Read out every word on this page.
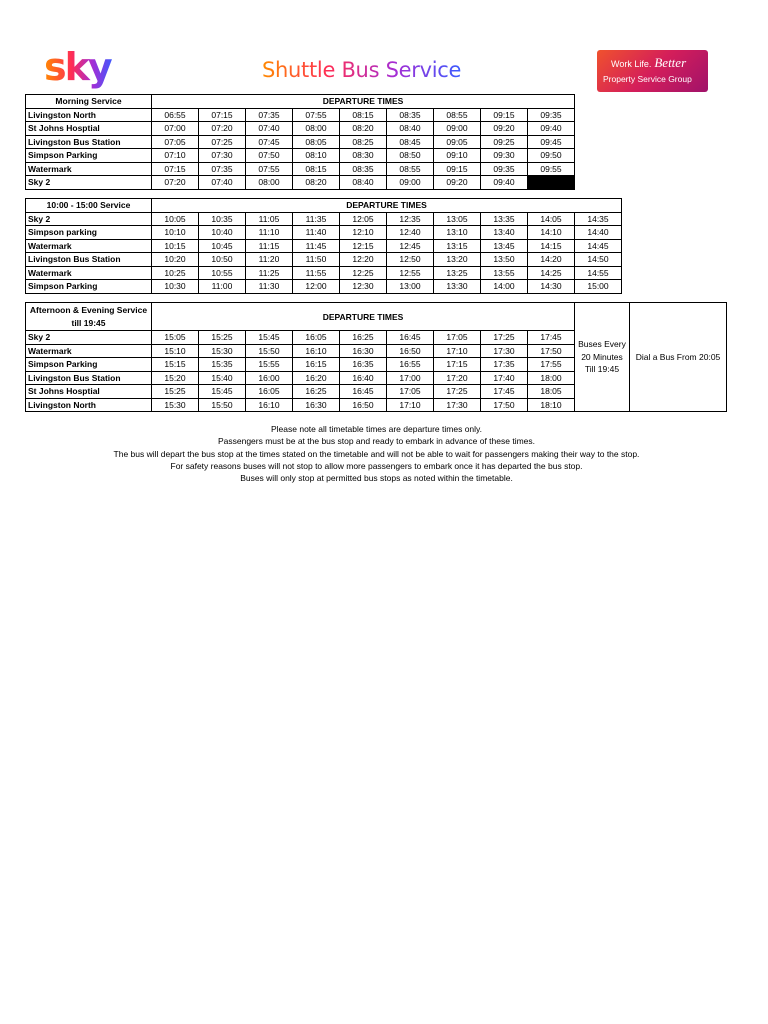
sky	Shuttle Bus Service	Work Life. Better
Property Service Group
Morning Service	DEPARTURE TIMES								
Livingston North	06:55	07:15	07:35	07:55	08:15	08:35	08:55	09:15	09:35
St Johns Hosptial	07:00	07:20	07:40	08:00	08:20	08:40	09:00	09:20	09:40
Livingston Bus Station	07:05	07:25	07:45	08:05	08:25	08:45	09:05	09:25	09:45
Simpson Parking	07:10	07:30	07:50	08:10	08:30	08:50	09:10	09:30	09:50
Watermark	07:15	07:35	07:55	08:15	08:35	08:55	09:15	09:35	09:55
Sky 2	07:20	07:40	08:00	08:20	08:40	09:00	09:20	09:40	
10:00 - 15:00 Service	DEPARTURE TIMES									
Sky 2	10:05	10:35	11:05	11:35	12:05	12:35	13:05	13:35	14:05	14:35
Simpson parking	10:10	10:40	11:10	11:40	12:10	12:40	13:10	13:40	14:10	14:40
Watermark	10:15	10:45	11:15	11:45	12:15	12:45	13:15	13:45	14:15	14:45
Livingston Bus Station	10:20	10:50	11:20	11:50	12:20	12:50	13:20	13:50	14:20	14:50
Watermark	10:25	10:55	11:25	11:55	12:25	12:55	13:25	13:55	14:25	14:55
Simpson Parking	10:30	11:00	11:30	12:00	12:30	13:00	13:30	14:00	14:30	15:00
Afternoon & Evening Service till 19:45	DEPARTURE TIMES									Buses Every 20 Minutes Till 19:45	Dial a Bus From 20:05
Sky 2	15:05	15:25	15:45	16:05	16:25	16:45	17:05	17:25	17:45		
Watermark	15:10	15:30	15:50	16:10	16:30	16:50	17:10	17:30	17:50		
Simpson Parking	15:15	15:35	15:55	16:15	16:35	16:55	17:15	17:35	17:55		
Livingston Bus Station	15:20	15:40	16:00	16:20	16:40	17:00	17:20	17:40	18:00		
St Johns Hosptial	15:25	15:45	16:05	16:25	16:45	17:05	17:25	17:45	18:05		
Livingston North	15:30	15:50	16:10	16:30	16:50	17:10	17:30	17:50	18:10		
Please note all timetable times are departure times only.
Passengers must be at the bus stop and ready to embark in advance of these times.
The bus will depart the bus stop at the times stated on the timetable and will not be able to wait for passengers making their way to the stop.
For safety reasons buses will not stop to allow more passengers to embark once it has departed the bus stop.
Buses will only stop at permitted bus stops as noted within the timetable.
